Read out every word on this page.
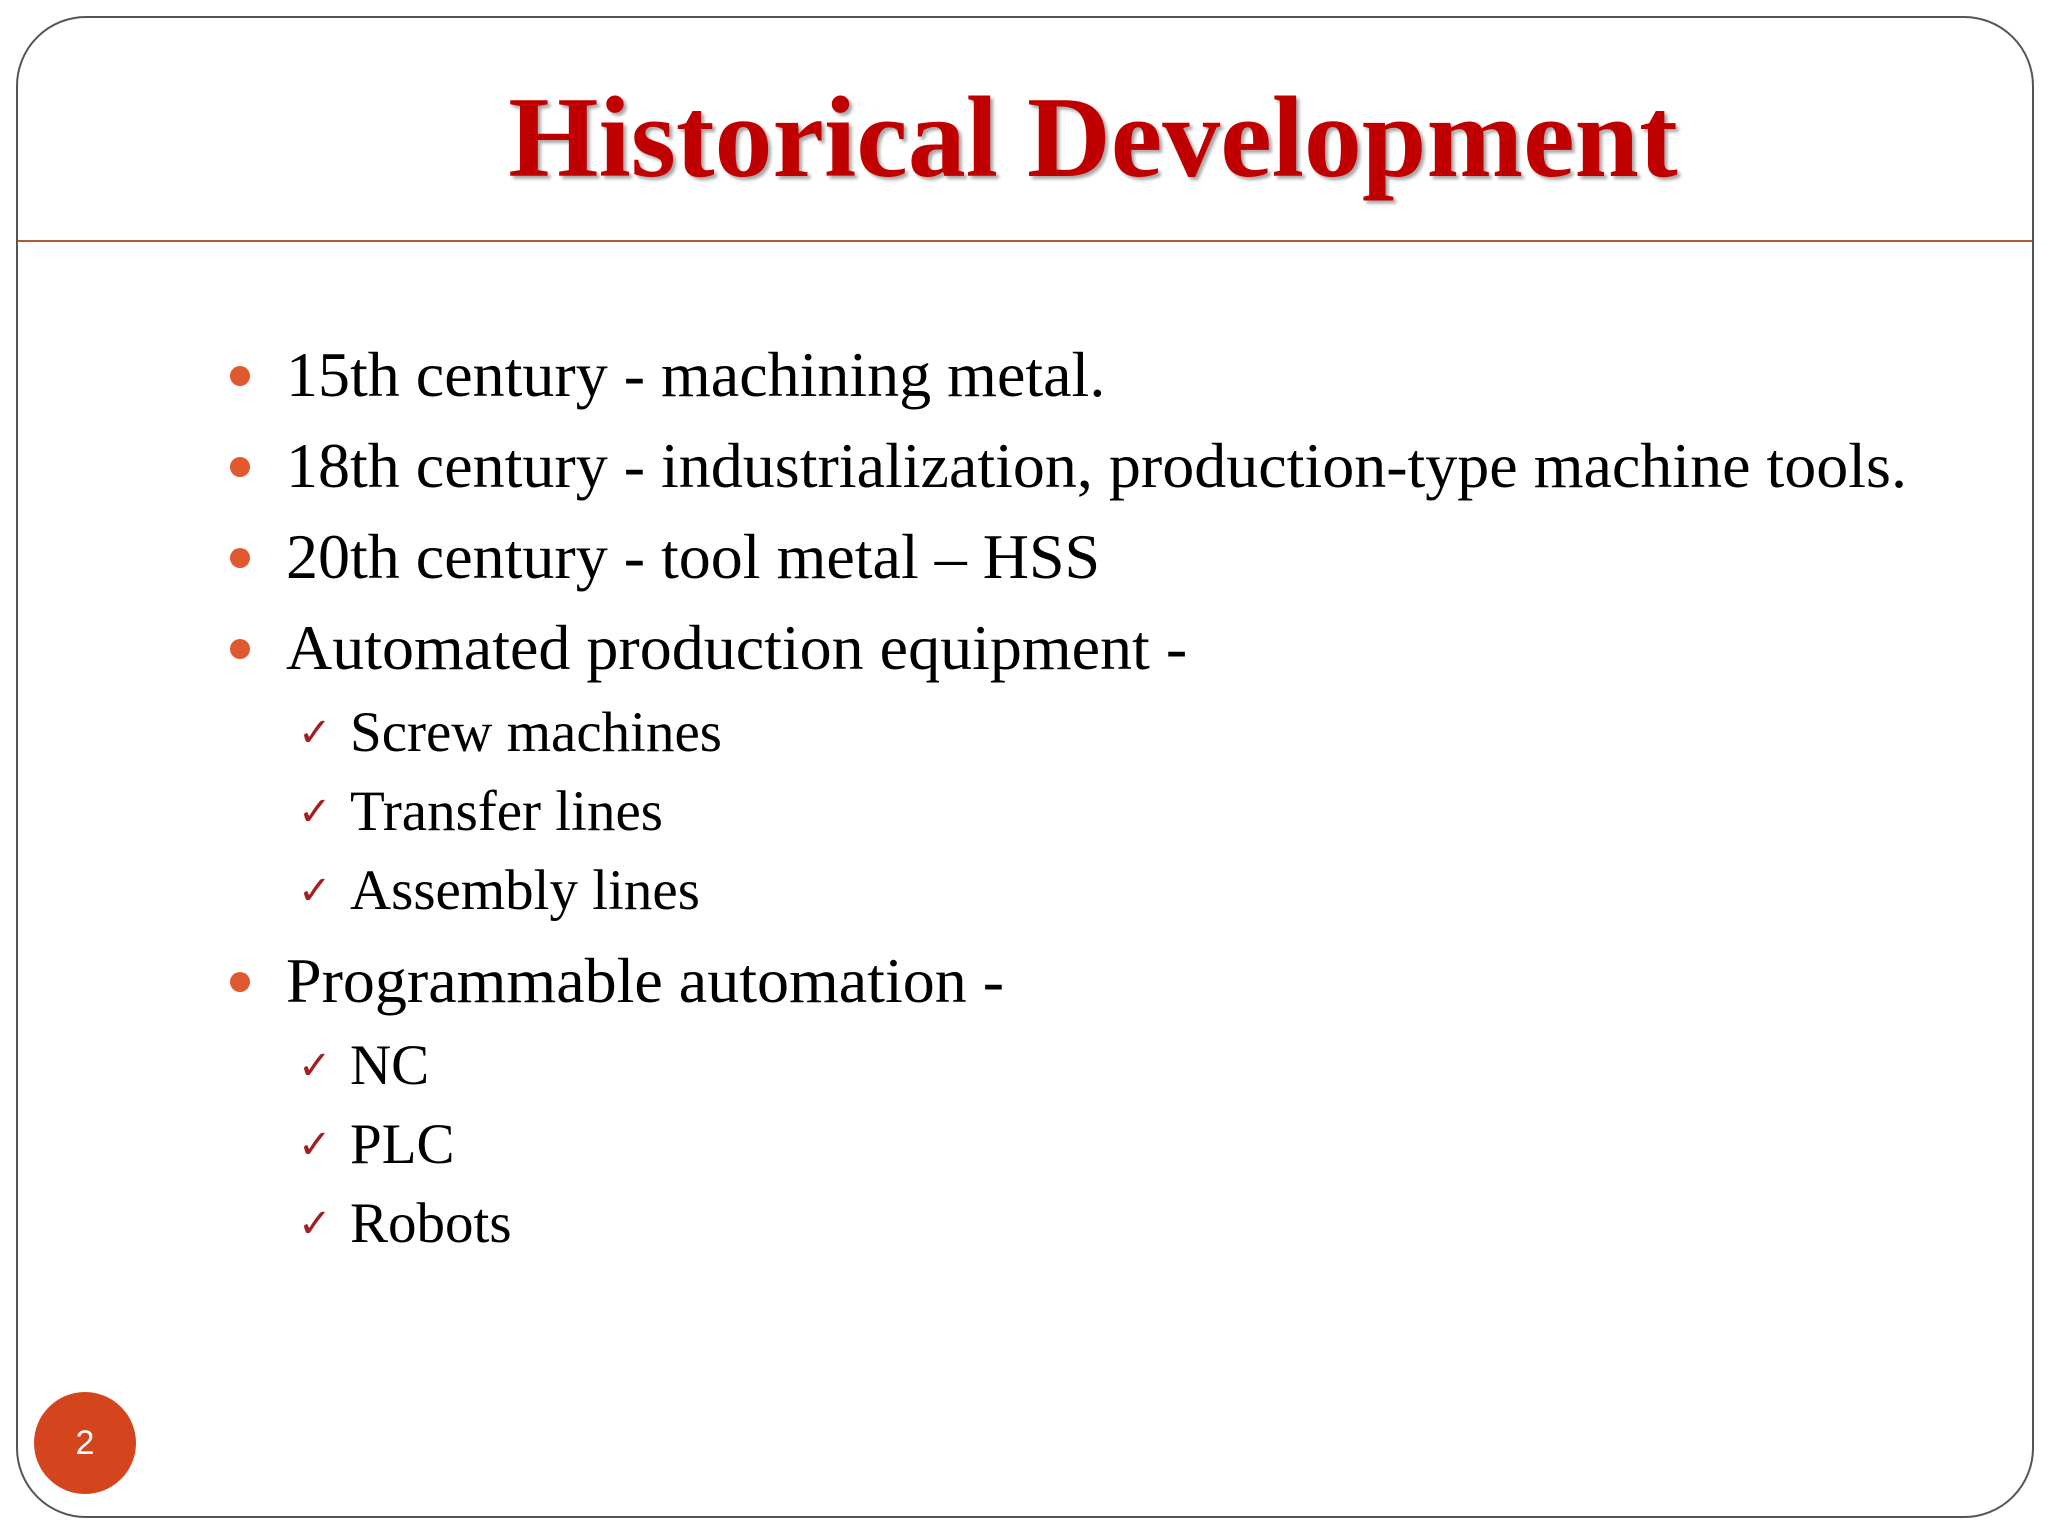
Historical Development
15th century - machining metal.
18th century - industrialization, production-type machine tools.
20th century - tool metal – HSS
Automated production equipment -
✓ Screw machines
✓ Transfer lines
✓ Assembly lines
Programmable automation -
✓ NC
✓ PLC
✓ Robots
2
